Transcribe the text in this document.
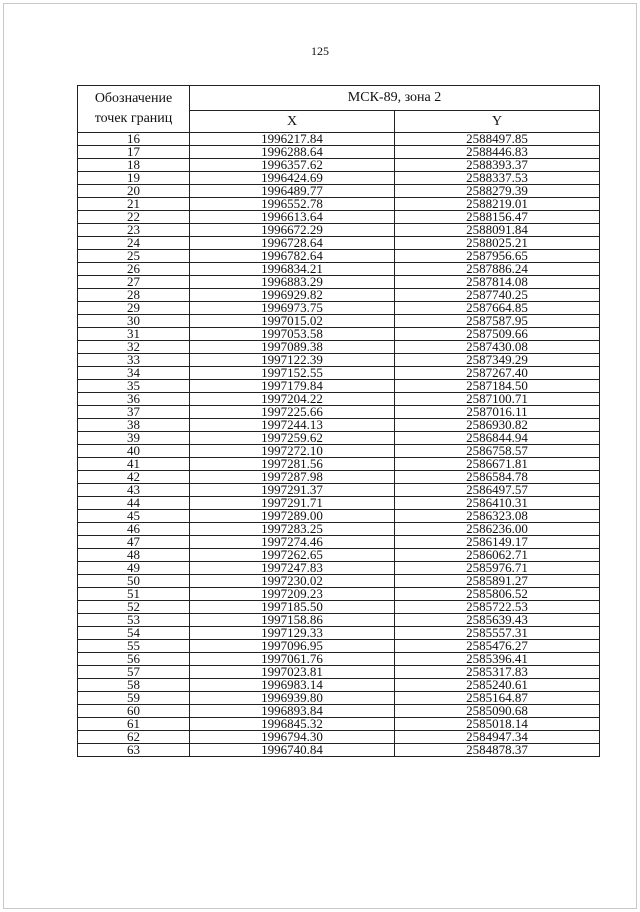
125
Обозначение
точек границ	МСК-89, зона 2	
	X	Y
16	1996217.84	2588497.85
17	1996288.64	2588446.83
18	1996357.62	2588393.37
19	1996424.69	2588337.53
20	1996489.77	2588279.39
21	1996552.78	2588219.01
22	1996613.64	2588156.47
23	1996672.29	2588091.84
24	1996728.64	2588025.21
25	1996782.64	2587956.65
26	1996834.21	2587886.24
27	1996883.29	2587814.08
28	1996929.82	2587740.25
29	1996973.75	2587664.85
30	1997015.02	2587587.95
31	1997053.58	2587509.66
32	1997089.38	2587430.08
33	1997122.39	2587349.29
34	1997152.55	2587267.40
35	1997179.84	2587184.50
36	1997204.22	2587100.71
37	1997225.66	2587016.11
38	1997244.13	2586930.82
39	1997259.62	2586844.94
40	1997272.10	2586758.57
41	1997281.56	2586671.81
42	1997287.98	2586584.78
43	1997291.37	2586497.57
44	1997291.71	2586410.31
45	1997289.00	2586323.08
46	1997283.25	2586236.00
47	1997274.46	2586149.17
48	1997262.65	2586062.71
49	1997247.83	2585976.71
50	1997230.02	2585891.27
51	1997209.23	2585806.52
52	1997185.50	2585722.53
53	1997158.86	2585639.43
54	1997129.33	2585557.31
55	1997096.95	2585476.27
56	1997061.76	2585396.41
57	1997023.81	2585317.83
58	1996983.14	2585240.61
59	1996939.80	2585164.87
60	1996893.84	2585090.68
61	1996845.32	2585018.14
62	1996794.30	2584947.34
63	1996740.84	2584878.37
